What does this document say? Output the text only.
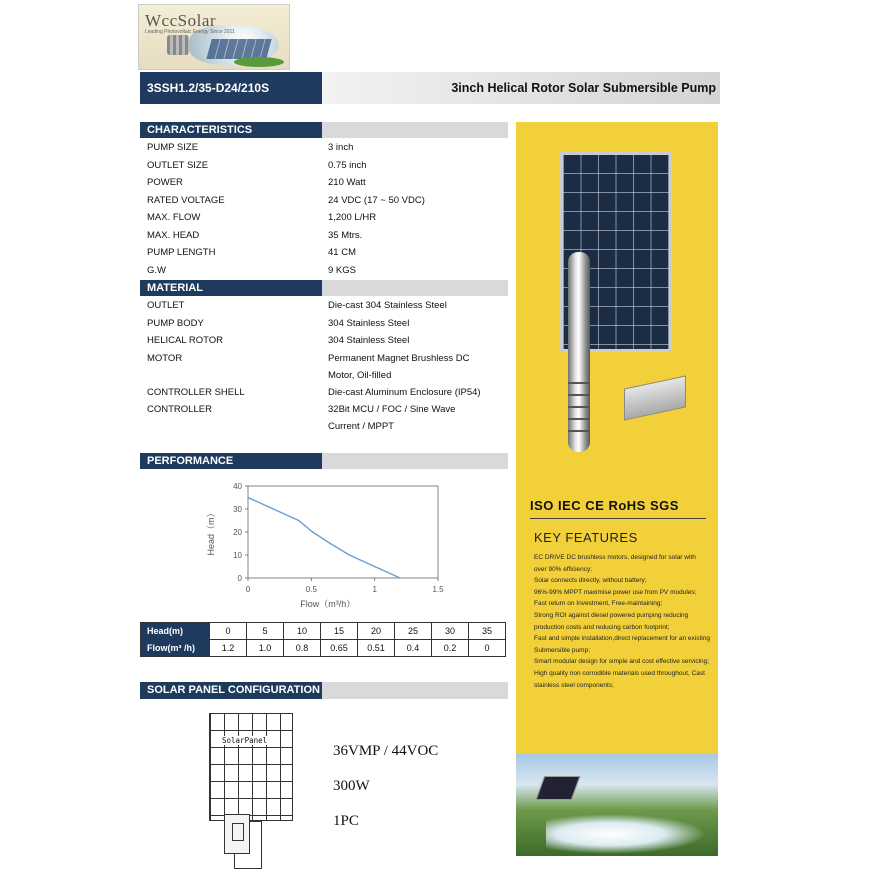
WccSolar
Leading Photovoltaic Energy Since 2011
3SSH1.2/35-D24/210S	3inch Helical Rotor Solar Submersible Pump
CHARACTERISTICS
PUMP SIZE	3 inch
OUTLET SIZE	0.75 inch
POWER	210 Watt
RATED VOLTAGE	24 VDC (17 ~ 50 VDC)
MAX. FLOW	1,200 L/HR
MAX. HEAD	35 Mtrs.
PUMP LENGTH	41 CM
G.W	9 KGS
MATERIAL
OUTLET	Die-cast 304 Stainless Steel
PUMP BODY	304 Stainless Steel
HELICAL ROTOR	304 Stainless Steel
MOTOR	Permanent Magnet Brushless DC
Motor, Oil-filled
CONTROLLER SHELL	Die-cast Aluminum Enclosure (IP54)
CONTROLLER	32Bit MCU / FOC / Sine Wave
Current / MPPT
PERFORMANCE
0
10
20
30
40
0	0.5	1	1.5
Flow（m³/h）
Head（m）
Head(m)	0	5	10	15	20	25	30	35
Flow(m³ /h)	1.2	1.0	0.8	0.65	0.51	0.4	0.2	0
SOLAR PANEL CONFIGURATION
SolarPanel
36VMP / 44VOC
300W
1PC
ISO IEC CE RoHS SGS
KEY FEATURES
EC DRIVE DC brushless motors, designed for solar with over 90% efficiency;
Solar connects directly, without battery;
96%-99% MPPT maximise power use from PV modules;
Fast return on Investment, Free-maintaining;
Strong ROI against diesel powered pumping reducing production costs and reducing carbon footprint;
Fast and simple installation,direct replacement for an existing Submersible pump;
Smart modular design for simple and cost effective servicing;
High quality non corrodible materials used throughout, Cast stainless steel components;
